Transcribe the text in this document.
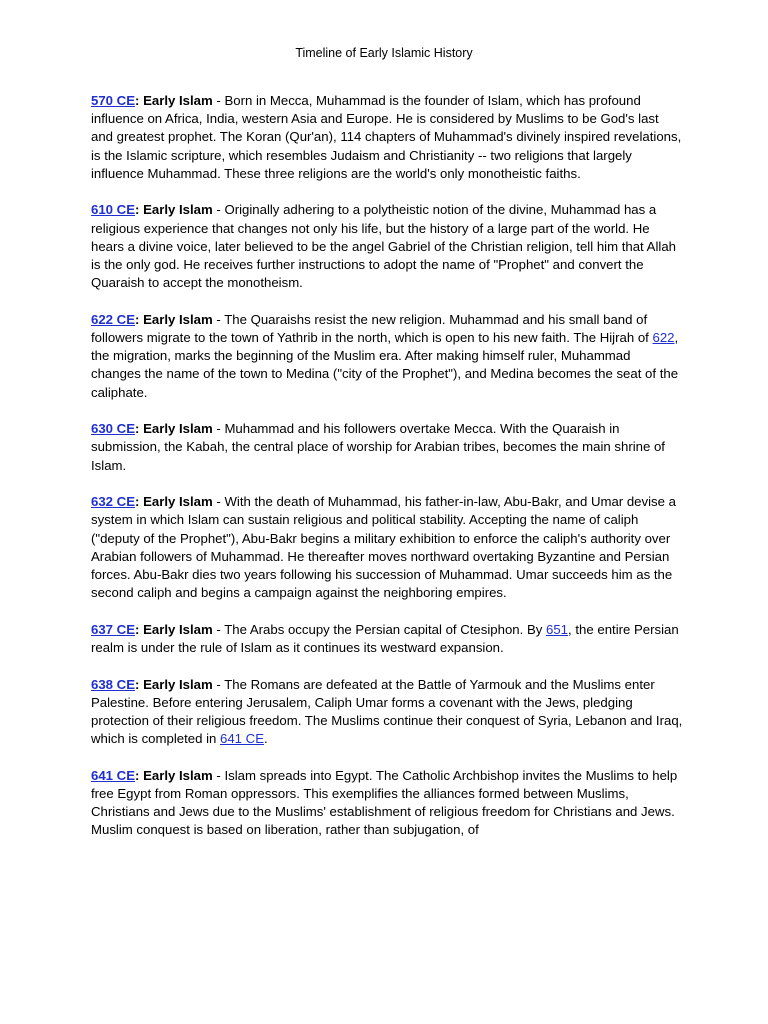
Timeline of Early Islamic History

570 CE: Early Islam - Born in Mecca, Muhammad is the founder of Islam, which has profound influence on Africa, India, western Asia and Europe. He is considered by Muslims to be God's last and greatest prophet. The Koran (Qur'an), 114 chapters of Muhammad's divinely inspired revelations, is the Islamic scripture, which resembles Judaism and Christianity -- two religions that largely influence Muhammad. These three religions are the world's only monotheistic faiths.

610 CE: Early Islam - Originally adhering to a polytheistic notion of the divine, Muhammad has a religious experience that changes not only his life, but the history of a large part of the world. He hears a divine voice, later believed to be the angel Gabriel of the Christian religion, tell him that Allah is the only god. He receives further instructions to adopt the name of "Prophet" and convert the Quaraish to accept the monotheism.

622 CE: Early Islam - The Quaraishs resist the new religion. Muhammad and his small band of followers migrate to the town of Yathrib in the north, which is open to his new faith. The Hijrah of 622, the migration, marks the beginning of the Muslim era. After making himself ruler, Muhammad changes the name of the town to Medina ("city of the Prophet"), and Medina becomes the seat of the caliphate.

630 CE: Early Islam - Muhammad and his followers overtake Mecca. With the Quaraish in submission, the Kabah, the central place of worship for Arabian tribes, becomes the main shrine of Islam.

632 CE: Early Islam - With the death of Muhammad, his father-in-law, Abu-Bakr, and Umar devise a system in which Islam can sustain religious and political stability. Accepting the name of caliph ("deputy of the Prophet"), Abu-Bakr begins a military exhibition to enforce the caliph's authority over Arabian followers of Muhammad. He thereafter moves northward overtaking Byzantine and Persian forces. Abu-Bakr dies two years following his succession of Muhammad. Umar succeeds him as the second caliph and begins a campaign against the neighboring empires.

637 CE: Early Islam - The Arabs occupy the Persian capital of Ctesiphon. By 651, the entire Persian realm is under the rule of Islam as it continues its westward expansion.

638 CE: Early Islam - The Romans are defeated at the Battle of Yarmouk and the Muslims enter Palestine. Before entering Jerusalem, Caliph Umar forms a covenant with the Jews, pledging protection of their religious freedom. The Muslims continue their conquest of Syria, Lebanon and Iraq, which is completed in 641 CE.

641 CE: Early Islam - Islam spreads into Egypt. The Catholic Archbishop invites the Muslims to help free Egypt from Roman oppressors. This exemplifies the alliances formed between Muslims, Christians and Jews due to the Muslims' establishment of religious freedom for Christians and Jews. Muslim conquest is based on liberation, rather than subjugation, of
